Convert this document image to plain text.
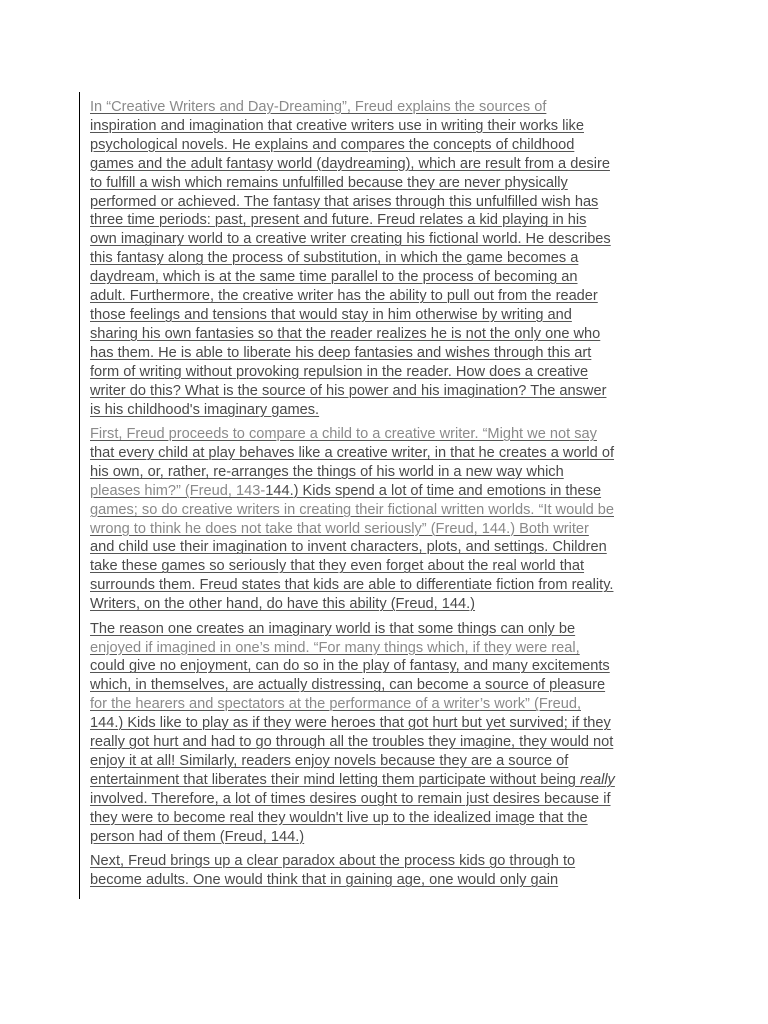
In “Creative Writers and Day-Dreaming”, Freud explains the sources of
inspiration and imagination that creative writers use in writing their works like
psychological novels. He explains and compares the concepts of childhood
games and the adult fantasy world (daydreaming), which are result from a desire
to fulfill a wish which remains unfulfilled because they are never physically
performed or achieved. The fantasy that arises through this unfulfilled wish has
three time periods: past, present and future. Freud relates a kid playing in his
own imaginary world to a creative writer creating his fictional world. He describes
this fantasy along the process of substitution, in which the game becomes a
daydream, which is at the same time parallel to the process of becoming an
adult. Furthermore, the creative writer has the ability to pull out from the reader
those feelings and tensions that would stay in him otherwise by writing and
sharing his own fantasies so that the reader realizes he is not the only one who
has them. He is able to liberate his deep fantasies and wishes through this art
form of writing without provoking repulsion in the reader. How does a creative
writer do this? What is the source of his power and his imagination? The answer
is his childhood's imaginary games.

First, Freud proceeds to compare a child to a creative writer. “Might we not say
that every child at play behaves like a creative writer, in that he creates a world of
his own, or, rather, re-arranges the things of his world in a new way which
pleases him?” (Freud, 143-144.) Kids spend a lot of time and emotions in these
games; so do creative writers in creating their fictional written worlds. “It would be
wrong to think he does not take that world seriously” (Freud, 144.) Both writer
and child use their imagination to invent characters, plots, and settings. Children
take these games so seriously that they even forget about the real world that
surrounds them. Freud states that kids are able to differentiate fiction from reality.
Writers, on the other hand, do have this ability (Freud, 144.)

The reason one creates an imaginary world is that some things can only be
enjoyed if imagined in one’s mind. “For many things which, if they were real,
could give no enjoyment, can do so in the play of fantasy, and many excitements
which, in themselves, are actually distressing, can become a source of pleasure
for the hearers and spectators at the performance of a writer’s work” (Freud,
144.) Kids like to play as if they were heroes that got hurt but yet survived; if they
really got hurt and had to go through all the troubles they imagine, they would not
enjoy it at all! Similarly, readers enjoy novels because they are a source of
entertainment that liberates their mind letting them participate without being really
involved. Therefore, a lot of times desires ought to remain just desires because if
they were to become real they wouldn't live up to the idealized image that the
person had of them (Freud, 144.)

Next, Freud brings up a clear paradox about the process kids go through to
become adults. One would think that in gaining age, one would only gain
